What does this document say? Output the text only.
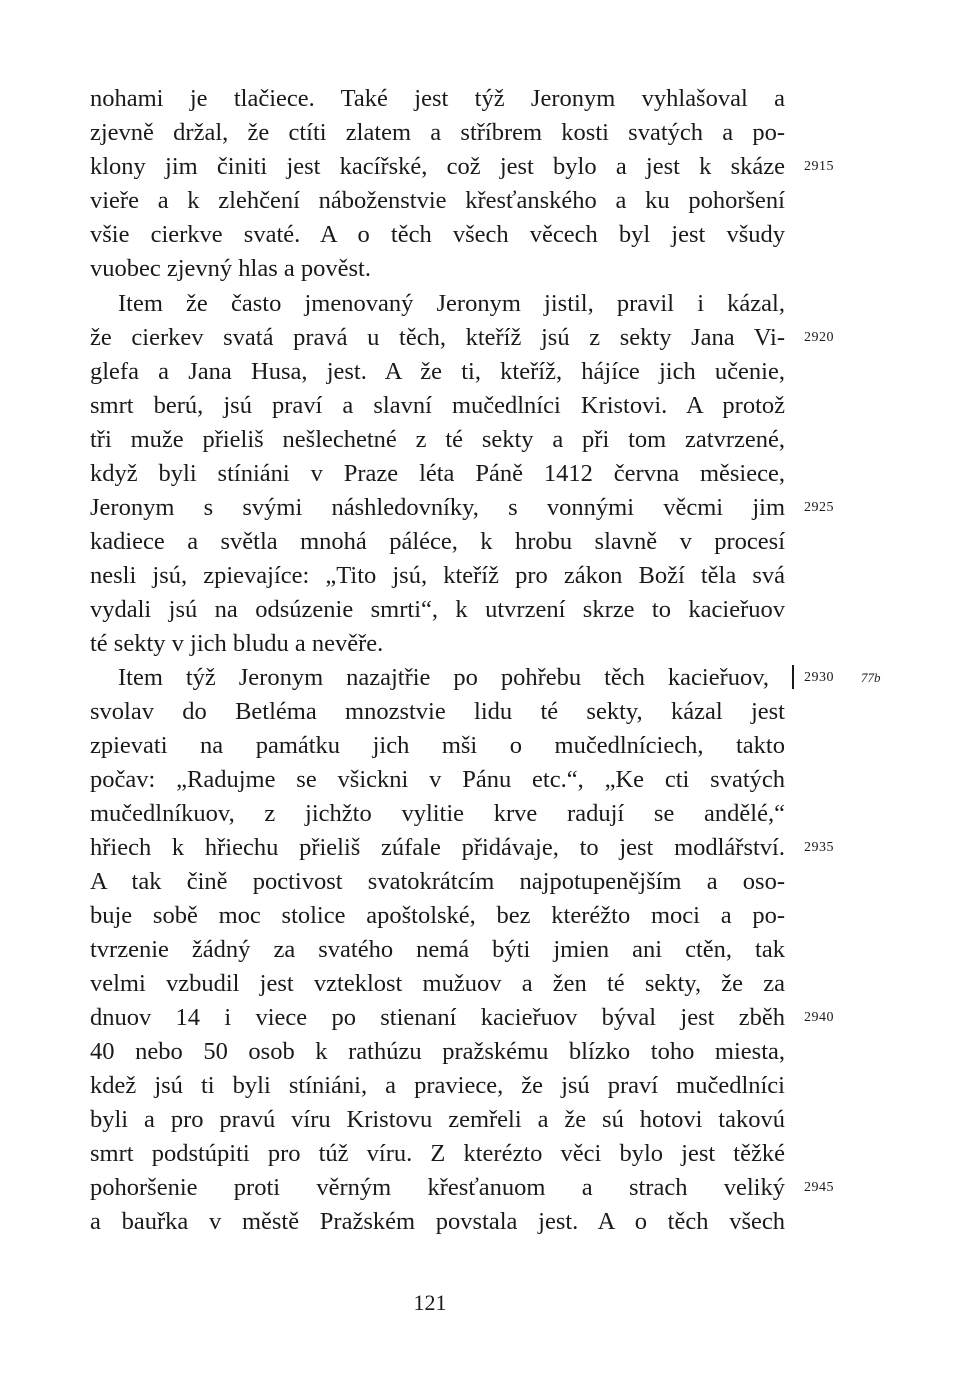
nohami je tlačiece. Také jest týž Jeronym vyhlašoval a
zjevně držal, že ctíti zlatem a stříbrem kosti svatých a po-
klony jim činiti jest kacířské, což jest bylo a jest k skáze
vieře a k zlehčení náboženstvie křesťanského a ku pohoršení
všie cierkve svaté. A o těch všech věcech byl jest všudy
vuobec zjevný hlas a pověst.
Item že často jmenovaný Jeronym jistil, pravil i kázal,
že cierkev svatá pravá u těch, kteříž jsú z sekty Jana Vi-
glefa a Jana Husa, jest. A že ti, kteříž, hájíce jich učenie,
smrt berú, jsú praví a slavní mučedlníci Kristovi. A protož
tři muže přieliš nešlechetné z té sekty a při tom zatvrzené,
když byli stíniáni v Praze léta Páně 1412 června měsiece,
Jeronym s svými náshledovníky, s vonnými věcmi jim
kadiece a světla mnohá páléce, k hrobu slavně v procesí
nesli jsú, zpievajíce: „Tito jsú, kteříž pro zákon Boží těla svá
vydali jsú na odsúzenie smrti“, k utvrzení skrze to kacieřuov
té sekty v jich bludu a nevěře.
Item týž Jeronym nazajtřie po pohřebu těch kacieřuov,
svolav do Betléma mnozstvie lidu té sekty, kázal jest
zpievati na památku jich mši o mučedlníciech, takto
počav: „Radujme se všickni v Pánu etc.“, „Ke cti svatých
mučedlníkuov, z jichžto vylitie krve radují se andělé,“
hřiech k hřiechu přieliš zúfale přidávaje, to jest modlářství.
A tak čině poctivost svatokrátcím najpotupenějším a oso-
buje sobě moc stolice apoštolské, bez kteréžto moci a po-
tvrzenie žádný za svatého nemá býti jmien ani ctěn, tak
velmi vzbudil jest vzteklost mužuov a žen té sekty, že za
dnuov 14 i viece po stienaní kacieřuov býval jest zběh
40 nebo 50 osob k rathúzu pražskému blízko toho miesta,
kdež jsú ti byli stíniáni, a praviece, že jsú praví mučedlníci
byli a pro pravú víru Kristovu zemřeli a že sú hotovi takovú
smrt podstúpiti pro túž víru. Z kterézto věci bylo jest těžké
pohoršenie proti věrným křesťanuom a strach veliký
a bauřka v městě Pražském povstala jest. A o těch všech
2915
2920
2925
2930
2935
2940
2945
77b
121
